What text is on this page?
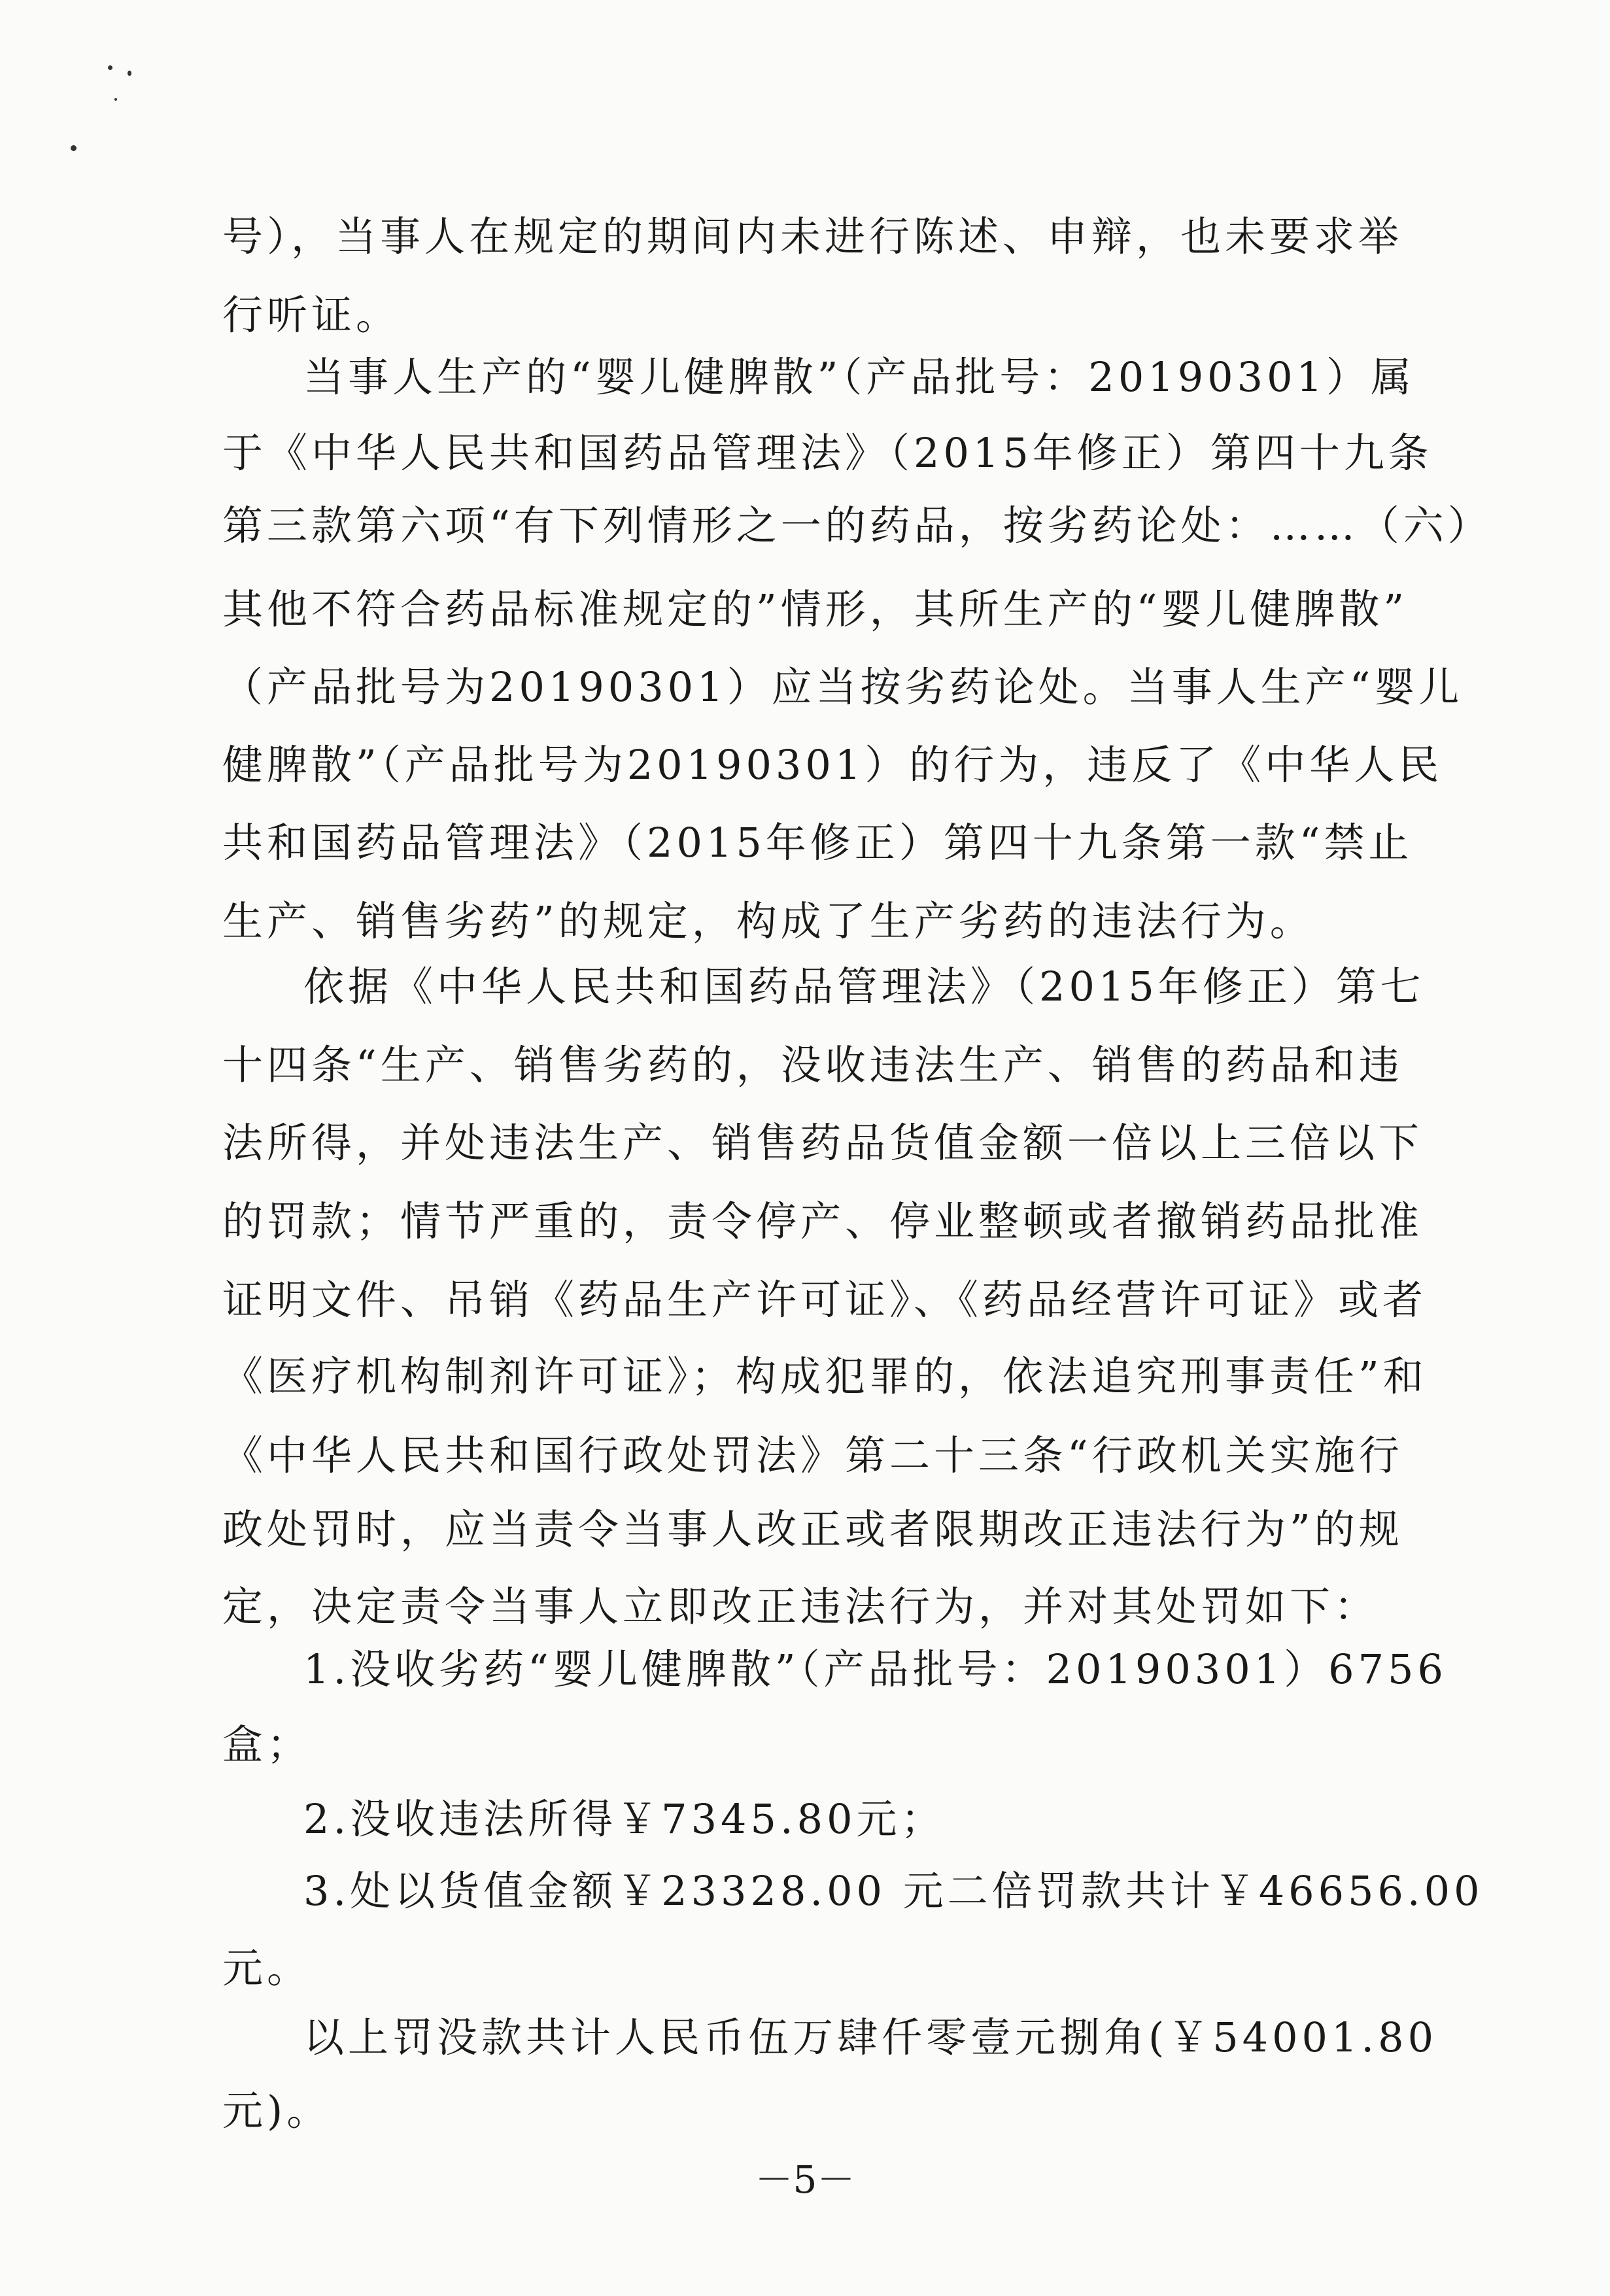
号），当事人在规定的期间内未进行陈述、申辩，也未要求举
行听证。
当事人生产的“婴儿健脾散”（产品批号：20190301）属
于《中华人民共和国药品管理法》（2015年修正）第四十九条
第三款第六项“有下列情形之一的药品，按劣药论处：……（六）
其他不符合药品标准规定的”情形，其所生产的“婴儿健脾散”
（产品批号为20190301）应当按劣药论处。当事人生产“婴儿
健脾散”（产品批号为20190301）的行为，违反了《中华人民
共和国药品管理法》（2015年修正）第四十九条第一款“禁止
生产、销售劣药”的规定，构成了生产劣药的违法行为。
依据《中华人民共和国药品管理法》（2015年修正）第七
十四条“生产、销售劣药的，没收违法生产、销售的药品和违
法所得，并处违法生产、销售药品货值金额一倍以上三倍以下
的罚款；情节严重的，责令停产、停业整顿或者撤销药品批准
证明文件、吊销《药品生产许可证》、《药品经营许可证》或者
《医疗机构制剂许可证》；构成犯罪的，依法追究刑事责任”和
《中华人民共和国行政处罚法》第二十三条“行政机关实施行
政处罚时，应当责令当事人改正或者限期改正违法行为”的规
定，决定责令当事人立即改正违法行为，并对其处罚如下：
1.没收劣药“婴儿健脾散”（产品批号：20190301）6756
盒；
2.没收违法所得￥7345.80元；
3.处以货值金额￥23328.00 元二倍罚款共计￥46656.00
元。
以上罚没款共计人民币伍万肆仟零壹元捌角(￥54001.80
元)。
－5－
